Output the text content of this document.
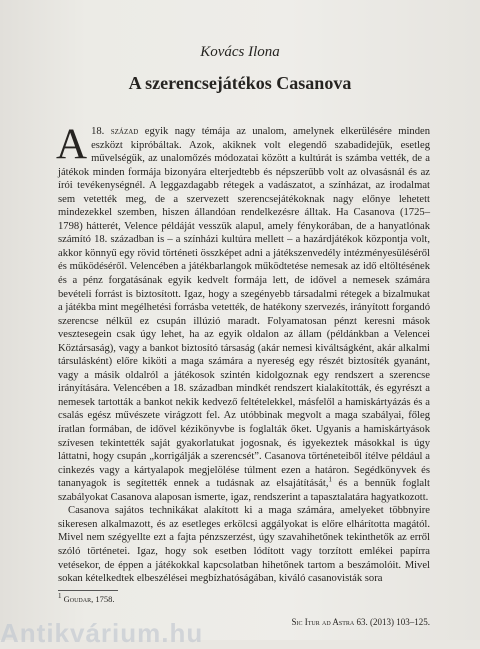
Kovács Ilona
A szerencsejátékos Casanova

A 18. század egyik nagy témája az unalom, amelynek elkerülésére minden eszközt kipróbáltak. Azok, akiknek volt elegendő szabadidejük, esetleg művelségük, az unalomőzés módozatai között a kultúrát is számba vették, de a játékok minden formája bizonyára elterjedtebb és népszerűbb volt az olvasásnál és az írói tevékenységnél. A leggazdagabb rétegek a vadászatot, a színházat, az irodalmat sem vetették meg, de a szervezett szerencsejátékoknak nagy előnye lehetett mindezekkel szemben, hiszen állandóan rendelkezésre álltak. Ha Casanova (1725–1798) hátterét, Velence példáját vesszük alapul, amely fénykorában, de a hanyatlónak számító 18. században is – a színházi kultúra mellett – a hazárdjátékok központja volt, akkor könnyű egy rövid történeti összképet adni a játékszenvedély intézményesüléséről és működéséről. Velencében a játékbarlangok működtetése nemesak az idő eltöltésének és a pénz forgatásának egyik kedvelt formája lett, de idővel a nemesek számára bevételi forrást is biztosított. Igaz, hogy a szegényebb társadalmi rétegek a bizalmukat a játékba mint megélhetési forrásba vetették, de hatékony szervezés, irányított forgandó szerencse nélkül ez csupán illúzió maradt. Folyamatosan pénzt keresni mások vesztesegein csak úgy lehet, ha az egyik oldalon az állam (példánkban a Velencei Köztársaság), vagy a bankot biztosító társaság (akár nemesi kiváltságként, akár alkalmi társulásként) előre kiköti a maga számára a nyereség egy részét biztosíték gyanánt, vagy a másik oldalról a játékosok szintén kidolgoznak egy rendszert a szerencse irányítására. Velencében a 18. században mindkét rendszert kialakították, és egyrészt a nemesek tartották a bankot nekik kedvező feltételekkel, másfelől a hamiskártyázás és a csalás egész művészete virágzott fel. Az utóbbinak megvolt a maga szabályai, főleg íratlan formában, de idővel kézikönyvbe is foglalták őket. Ugyanis a hamiskártyások szívesen tekintették saját gyakorlatukat jogosnak, és igyekeztek másokkal is úgy láttatni, hogy csupán „korrigálják a szerencsét”. Casanova történeteiből ítélve például a cinkezés vagy a kártyalapok megjelölése túlment ezen a határon. Segédkönyvek és tananyagok is segítették ennek a tudásnak az elsajátítását,$^1$ és a bennük foglalt szabályokat Casanova alaposan ismerte, igaz, rendszerint a tapasztalatára hagyatkozott.

Casanova sajátos technikákat alakított ki a maga számára, amelyeket többnyire sikeresen alkalmazott, és az esetleges erkölcsi aggályokat is előre elhárította magától. Mivel nem szégyellte ezt a fajta pénzszerzést, úgy szavahihetőnek tekinthetők az erről szóló történetei. Igaz, hogy sok esetben lódított vagy torzított emlékei papírra vetésekor, de éppen a játékokkal kapcsolatban hihetőnek tartom a beszámolóit. Mivel sokan kételkedtek elbeszélései megbízhatóságában, kiváló casanovisták sora

$^1$ Goudar, 1758.
Sic Itur ad Astra 63. (2013) 103–125.
Antikvárium.hu
